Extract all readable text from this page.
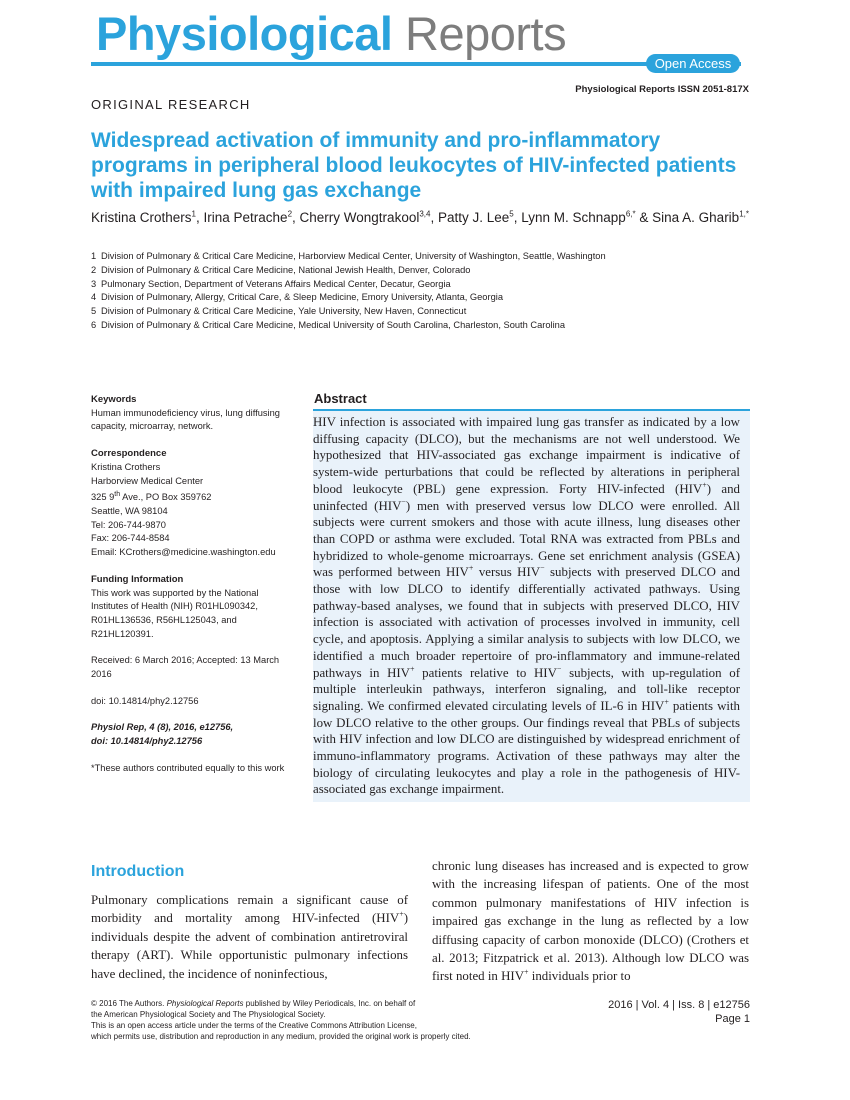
Physiological Reports
Open Access
Physiological Reports ISSN 2051-817X
ORIGINAL RESEARCH
Widespread activation of immunity and pro-inflammatory programs in peripheral blood leukocytes of HIV-infected patients with impaired lung gas exchange
Kristina Crothers$^1$, Irina Petrache$^2$, Cherry Wongtrakool$^{3,4}$, Patty J. Lee$^5$, Lynn M. Schnapp$^{6,*}$ & Sina A. Gharib$^{1,*}$
1 Division of Pulmonary & Critical Care Medicine, Harborview Medical Center, University of Washington, Seattle, Washington
2 Division of Pulmonary & Critical Care Medicine, National Jewish Health, Denver, Colorado
3 Pulmonary Section, Department of Veterans Affairs Medical Center, Decatur, Georgia
4 Division of Pulmonary, Allergy, Critical Care, & Sleep Medicine, Emory University, Atlanta, Georgia
5 Division of Pulmonary & Critical Care Medicine, Yale University, New Haven, Connecticut
6 Division of Pulmonary & Critical Care Medicine, Medical University of South Carolina, Charleston, South Carolina
Keywords

Human immunodeficiency virus, lung diffusing capacity, microarray, network.

Correspondence

Kristina Crothers

Harborview Medical Center

325 9th Ave., PO Box 359762

Seattle, WA 98104

Tel: 206-744-9870

Fax: 206-744-8584

Email: KCrothers@medicine.washington.edu

Funding Information

This work was supported by the National Institutes of Health (NIH) R01HL090342, R01HL136536, R56HL125043, and R21HL120391.

Received: 6 March 2016; Accepted: 13 March 2016

doi: 10.14814/phy2.12756

Physiol Rep, 4 (8), 2016, e12756,

doi: 10.14814/phy2.12756

*These authors contributed equally to this work

Abstract

HIV infection is associated with impaired lung gas transfer as indicated by a low diffusing capacity (DLCO), but the mechanisms are not well understood. We hypothesized that HIV-associated gas exchange impairment is indicative of system-wide perturbations that could be reflected by alterations in peripheral blood leukocyte (PBL) gene expression. Forty HIV-infected (HIV+) and uninfected (HIV−) men with preserved versus low DLCO were enrolled. All subjects were current smokers and those with acute illness, lung diseases other than COPD or asthma were excluded. Total RNA was extracted from PBLs and hybridized to whole-genome microarrays. Gene set enrichment analysis (GSEA) was performed between HIV+ versus HIV− subjects with preserved DLCO and those with low DLCO to identify differentially activated pathways. Using pathway-based analyses, we found that in subjects with preserved DLCO, HIV infection is associated with activation of processes involved in immunity, cell cycle, and apoptosis. Applying a similar analysis to subjects with low DLCO, we identified a much broader repertoire of pro-inflammatory and immune-related pathways in HIV+ patients relative to HIV− subjects, with up-regulation of multiple interleukin pathways, interferon signaling, and toll-like receptor signaling. We confirmed elevated circulating levels of IL-6 in HIV+ patients with low DLCO relative to the other groups. Our findings reveal that PBLs of subjects with HIV infection and low DLCO are distinguished by widespread enrichment of immuno-inflammatory programs. Activation of these pathways may alter the biology of circulating leukocytes and play a role in the pathogenesis of HIV-associated gas exchange impairment.

Introduction

Pulmonary complications remain a significant cause of morbidity and mortality among HIV-infected (HIV+) individuals despite the advent of combination antiretroviral therapy (ART). While opportunistic pulmonary infections have declined, the incidence of noninfectious,

chronic lung diseases has increased and is expected to grow with the increasing lifespan of patients. One of the most common pulmonary manifestations of HIV infection is impaired gas exchange in the lung as reflected by a low diffusing capacity of carbon monoxide (DLCO) (Crothers et al. 2013; Fitzpatrick et al. 2013). Although low DLCO was first noted in HIV+ individuals prior to

© 2016 The Authors. Physiological Reports published by Wiley Periodicals, Inc. on behalf of
the American Physiological Society and The Physiological Society.
This is an open access article under the terms of the Creative Commons Attribution License,
which permits use, distribution and reproduction in any medium, provided the original work is properly cited.
2016 | Vol. 4 | Iss. 8 | e12756
Page 1
